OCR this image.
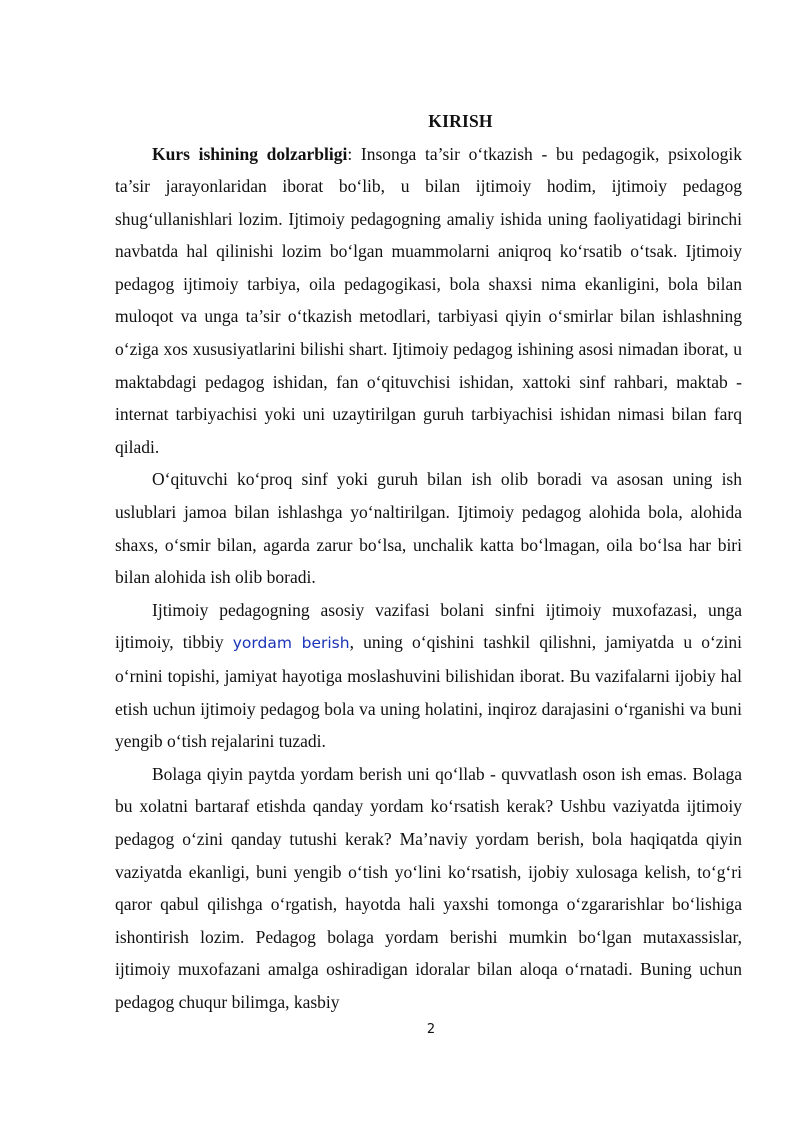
KIRISH

Kurs ishining dolzarbligi: Insonga ta’sir o‘tkazish - bu pedagogik, psixologik ta’sir jarayonlaridan iborat bo‘lib, u bilan ijtimoiy hodim, ijtimoiy pedagog shug‘ullanishlari lozim. Ijtimoiy pedagogning amaliy ishida uning faoliyatidagi birinchi navbatda hal qilinishi lozim bo‘lgan muammolarni aniqroq ko‘rsatib o‘tsak. Ijtimoiy pedagog ijtimoiy tarbiya, oila pedagogikasi, bola shaxsi nima ekanligini, bola bilan muloqot va unga ta’sir o‘tkazish metodlari, tarbiyasi qiyin o‘smirlar bilan ishlashning o‘ziga xos xususiyatlarini bilishi shart. Ijtimoiy pedagog ishining asosi nimadan iborat, u maktabdagi pedagog ishidan, fan o‘qituvchisi ishidan, xattoki sinf rahbari, maktab - internat tarbiyachisi yoki uni uzaytirilgan guruh tarbiyachisi ishidan nimasi bilan farq qiladi.

O‘qituvchi ko‘proq sinf yoki guruh bilan ish olib boradi va asosan uning ish uslublari jamoa bilan ishlashga yo‘naltirilgan. Ijtimoiy pedagog alohida bola, alohida shaxs, o‘smir bilan, agarda zarur bo‘lsa, unchalik katta bo‘lmagan, oila bo‘lsa har biri bilan alohida ish olib boradi.

Ijtimoiy pedagogning asosiy vazifasi bolani sinfni ijtimoiy muxofazasi, unga ijtimoiy, tibbiy yordam berish, uning o‘qishini tashkil qilishni, jamiyatda u o‘zini o‘rnini topishi, jamiyat hayotiga moslashuvini bilishidan iborat. Bu vazifalarni ijobiy hal etish uchun ijtimoiy pedagog bola va uning holatini, inqiroz darajasini o‘rganishi va buni yengib o‘tish rejalarini tuzadi.

Bolaga qiyin paytda yordam berish uni qo‘llab - quvvatlash oson ish emas. Bolaga bu xolatni bartaraf etishda qanday yordam ko‘rsatish kerak? Ushbu vaziyatda ijtimoiy pedagog o‘zini qanday tutushi kerak? Ma’naviy yordam berish, bola haqiqatda qiyin vaziyatda ekanligi, buni yengib o‘tish yo‘lini ko‘rsatish, ijobiy xulosaga kelish, to‘g‘ri qaror qabul qilishga o‘rgatish, hayotda hali yaxshi tomonga o‘zgararishlar bo‘lishiga ishontirish lozim. Pedagog bolaga yordam berishi mumkin bo‘lgan mutaxassislar, ijtimoiy muxofazani amalga oshiradigan idoralar bilan aloqa o‘rnatadi. Buning uchun pedagog chuqur bilimga, kasbiy

2
